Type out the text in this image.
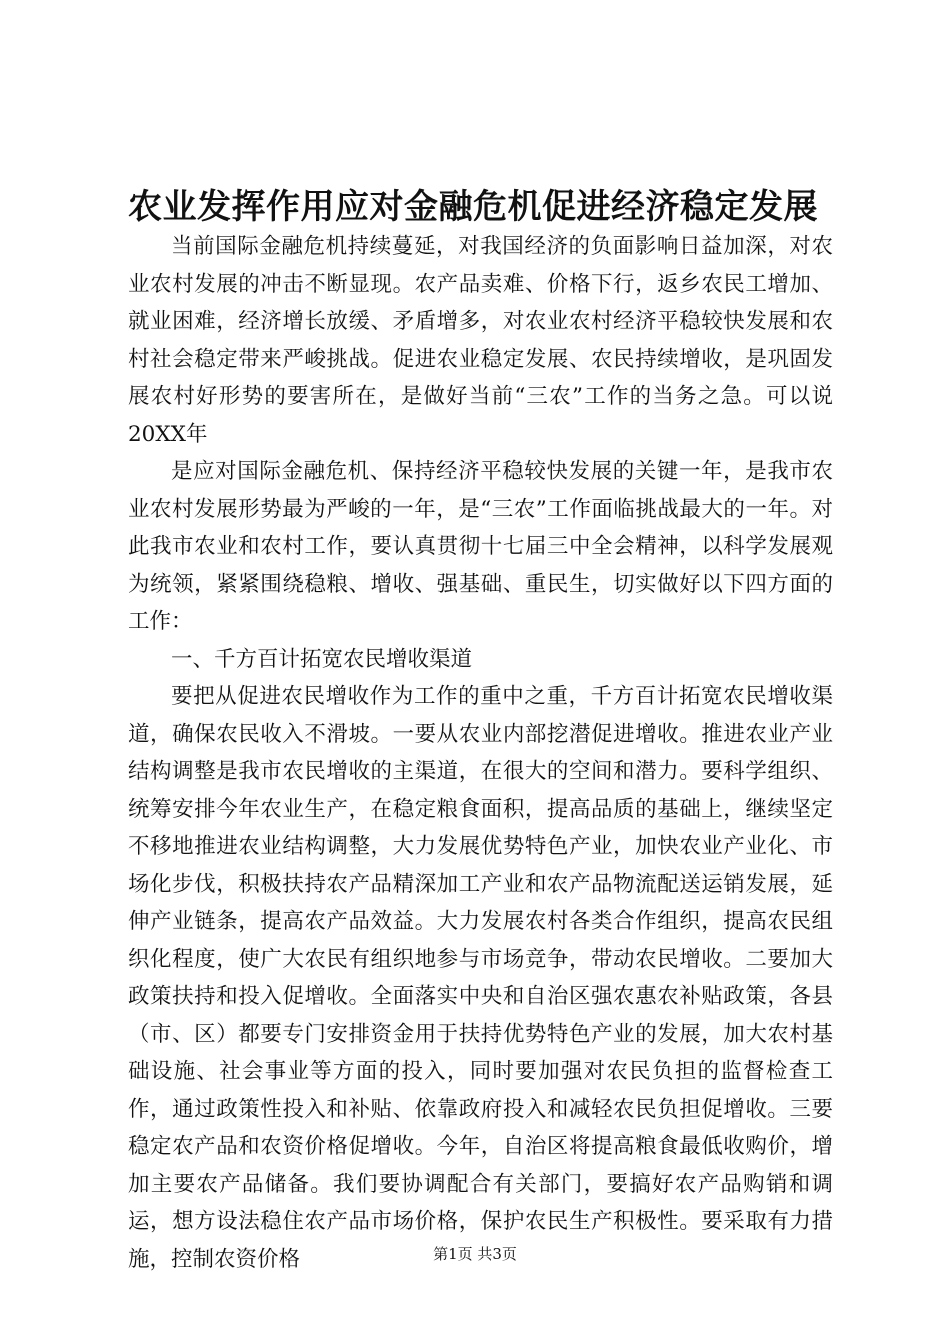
农业发挥作用应对金融危机促进经济稳定发展

当前国际金融危机持续蔓延，对我国经济的负面影响日益加深，对农业农村发展的冲击不断显现。农产品卖难、价格下行，返乡农民工增加、就业困难，经济增长放缓、矛盾增多，对农业农村经济平稳较快发展和农村社会稳定带来严峻挑战。促进农业稳定发展、农民持续增收，是巩固发展农村好形势的要害所在，是做好当前“三农”工作的当务之急。可以说20XX年

是应对国际金融危机、保持经济平稳较快发展的关键一年，是我市农业农村发展形势最为严峻的一年，是“三农”工作面临挑战最大的一年。对此我市农业和农村工作，要认真贯彻十七届三中全会精神，以科学发展观为统领，紧紧围绕稳粮、增收、强基础、重民生，切实做好以下四方面的工作：

一、千方百计拓宽农民增收渠道

要把从促进农民增收作为工作的重中之重，千方百计拓宽农民增收渠道，确保农民收入不滑坡。一要从农业内部挖潜促进增收。推进农业产业结构调整是我市农民增收的主渠道，在很大的空间和潜力。要科学组织、统筹安排今年农业生产，在稳定粮食面积，提高品质的基础上，继续坚定不移地推进农业结构调整，大力发展优势特色产业，加快农业产业化、市场化步伐，积极扶持农产品精深加工产业和农产品物流配送运销发展，延伸产业链条，提高农产品效益。大力发展农村各类合作组织，提高农民组织化程度，使广大农民有组织地参与市场竞争，带动农民增收。二要加大政策扶持和投入促增收。全面落实中央和自治区强农惠农补贴政策，各县（市、区）都要专门安排资金用于扶持优势特色产业的发展，加大农村基础设施、社会事业等方面的投入，同时要加强对农民负担的监督检查工作，通过政策性投入和补贴、依靠政府投入和减轻农民负担促增收。三要稳定农产品和农资价格促增收。今年，自治区将提高粮食最低收购价，增加主要农产品储备。我们要协调配合有关部门，要搞好农产品购销和调运，想方设法稳住农产品市场价格，保护农民生产积极性。要采取有力措施，控制农资价格	第1页 共3页
